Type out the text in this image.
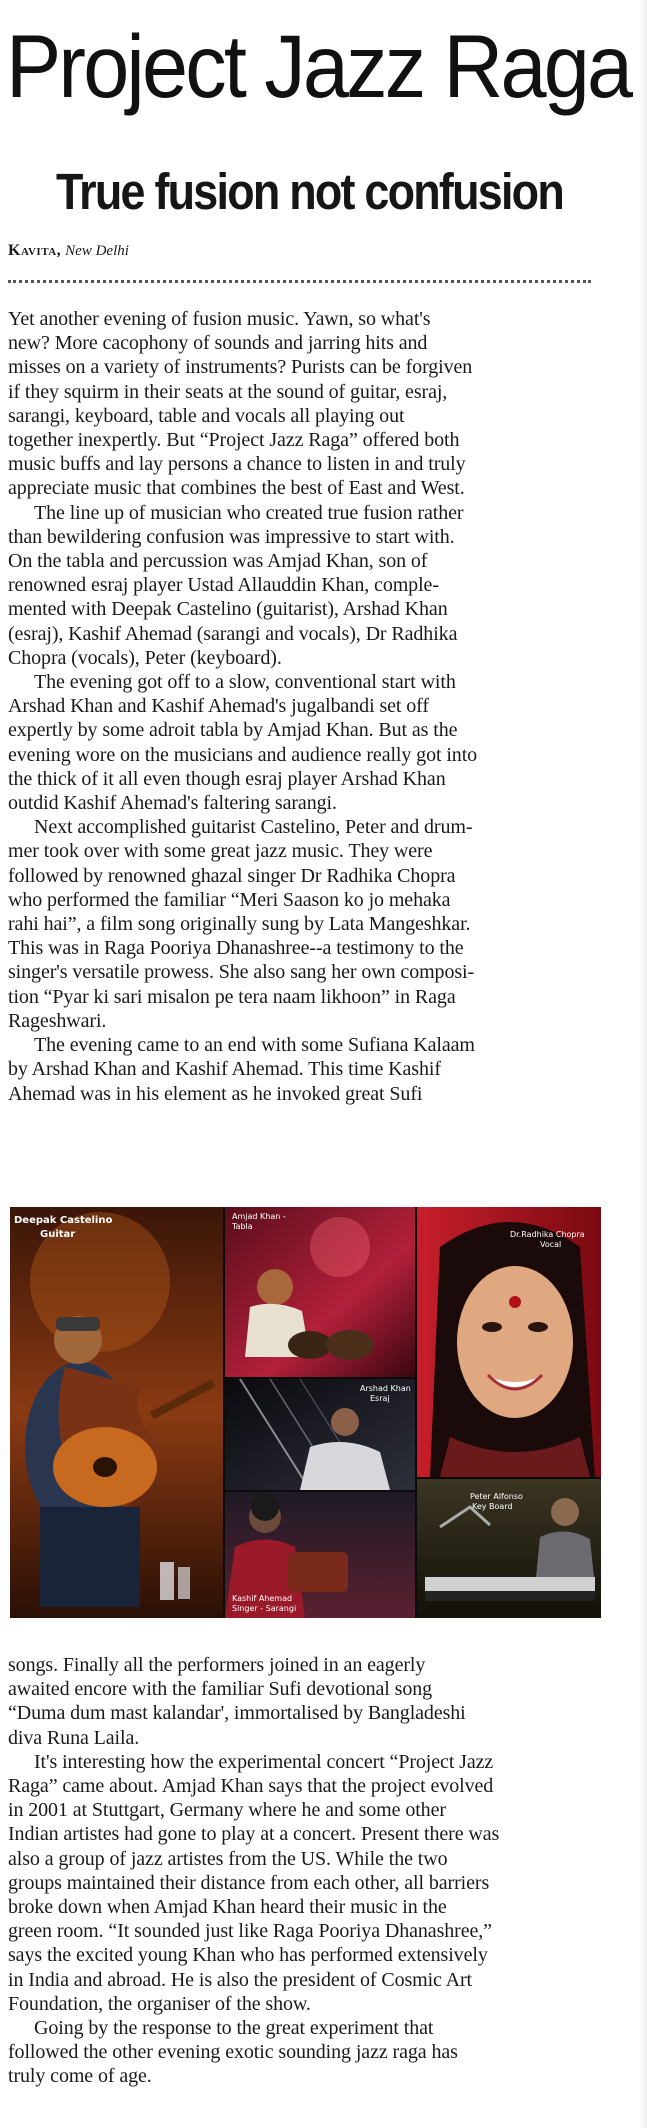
Project Jazz Raga
True fusion not confusion
Kavita, New Delhi

Yet another evening of fusion music. Yawn, so what's
new? More cacophony of sounds and jarring hits and
misses on a variety of instruments? Purists can be forgiven
if they squirm in their seats at the sound of guitar, esraj,
sarangi, keyboard, table and vocals all playing out
together inexpertly. But “Project Jazz Raga” offered both
music buffs and lay persons a chance to listen in and truly
appreciate music that combines the best of East and West.

The line up of musician who created true fusion rather
than bewildering confusion was impressive to start with.
On the tabla and percussion was Amjad Khan, son of
renowned esraj player Ustad Allauddin Khan, comple-
mented with Deepak Castelino (guitarist), Arshad Khan
(esraj), Kashif Ahemad (sarangi and vocals), Dr Radhika
Chopra (vocals), Peter (keyboard).

The evening got off to a slow, conventional start with
Arshad Khan and Kashif Ahemad's jugalbandi set off
expertly by some adroit tabla by Amjad Khan. But as the
evening wore on the musicians and audience really got into
the thick of it all even though esraj player Arshad Khan
outdid Kashif Ahemad's faltering sarangi.

Next accomplished guitarist Castelino, Peter and drum-
mer took over with some great jazz music. They were
followed by renowned ghazal singer Dr Radhika Chopra
who performed the familiar “Meri Saason ko jo mehaka
rahi hai”, a film song originally sung by Lata Mangeshkar.
This was in Raga Pooriya Dhanashree--a testimony to the
singer's versatile prowess. She also sang her own composi-
tion “Pyar ki sari misalon pe tera naam likhoon” in Raga
Rageshwari.

The evening came to an end with some Sufiana Kalaam
by Arshad Khan and Kashif Ahemad. This time Kashif
Ahemad was in his element as he invoked great Sufi

Deepak Castelino
Guitar
Amjad Khan -
Tabla
Dr.Radhika Chopra
Vocal
Arshad Khan
Esraj
Peter Alfonso
Key Board
Kashif Ahemad
Singer - Sarangi

songs. Finally all the performers joined in an eagerly
awaited encore with the familiar Sufi devotional song
“Duma dum mast kalandar', immortalised by Bangladeshi
diva Runa Laila.

It's interesting how the experimental concert “Project Jazz
Raga” came about. Amjad Khan says that the project evolved
in 2001 at Stuttgart, Germany where he and some other
Indian artistes had gone to play at a concert. Present there was
also a group of jazz artistes from the US. While the two
groups maintained their distance from each other, all barriers
broke down when Amjad Khan heard their music in the
green room. “It sounded just like Raga Pooriya Dhanashree,”
says the excited young Khan who has performed extensively
in India and abroad. He is also the president of Cosmic Art
Foundation, the organiser of the show.

Going by the response to the great experiment that
followed the other evening exotic sounding jazz raga has
truly come of age.
